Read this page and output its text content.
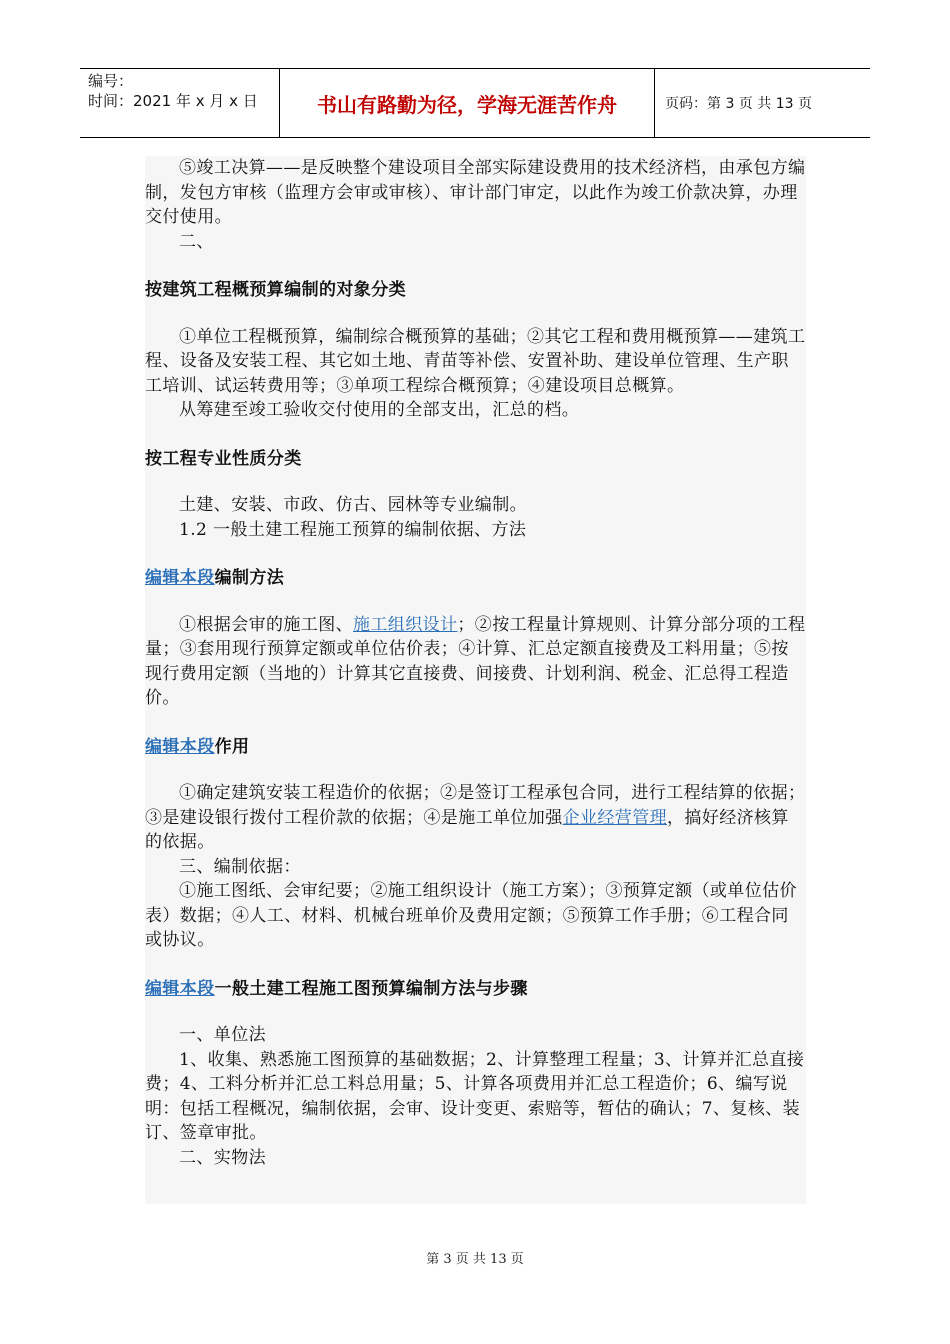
编号：
时间：2021 年 x 月 x 日	书山有路勤为径，学海无涯苦作舟	页码：第 3 页 共 13 页

⑤竣工决算——是反映整个建设项目全部实际建设费用的技术经济档，由承包方编制，发包方审核（监理方会审或审核）、审计部门审定，以此作为竣工价款决算，办理交付使用。

二、

按建筑工程概预算编制的对象分类

①单位工程概预算，编制综合概预算的基础；②其它工程和费用概预算——建筑工程、设备及安装工程、其它如土地、青苗等补偿、安置补助、建设单位管理、生产职工培训、试运转费用等；③单项工程综合概预算；④建设项目总概算。

从筹建至竣工验收交付使用的全部支出，汇总的档。

按工程专业性质分类

土建、安装、市政、仿古、园林等专业编制。

1.2 一般土建工程施工预算的编制依据、方法

编辑本段编制方法

①根据会审的施工图、施工组织设计；②按工程量计算规则、计算分部分项的工程量；③套用现行预算定额或单位估价表；④计算、汇总定额直接费及工料用量；⑤按现行费用定额（当地的）计算其它直接费、间接费、计划利润、税金、汇总得工程造价。

编辑本段作用

①确定建筑安装工程造价的依据；②是签订工程承包合同，进行工程结算的依据；③是建设银行拨付工程价款的依据；④是施工单位加强企业经营管理，搞好经济核算的依据。

三、编制依据：

①施工图纸、会审纪要；②施工组织设计（施工方案）；③预算定额（或单位估价表）数据；④人工、材料、机械台班单价及费用定额；⑤预算工作手册；⑥工程合同或协议。

编辑本段一般土建工程施工图预算编制方法与步骤

一、单位法

1、收集、熟悉施工图预算的基础数据；2、计算整理工程量；3、计算并汇总直接费；4、工料分析并汇总工料总用量；5、计算各项费用并汇总工程造价；6、编写说明：包括工程概况，编制依据，会审、设计变更、索赔等，暂估的确认；7、复核、装订、签章审批。

二、实物法

第 3 页 共 13 页
